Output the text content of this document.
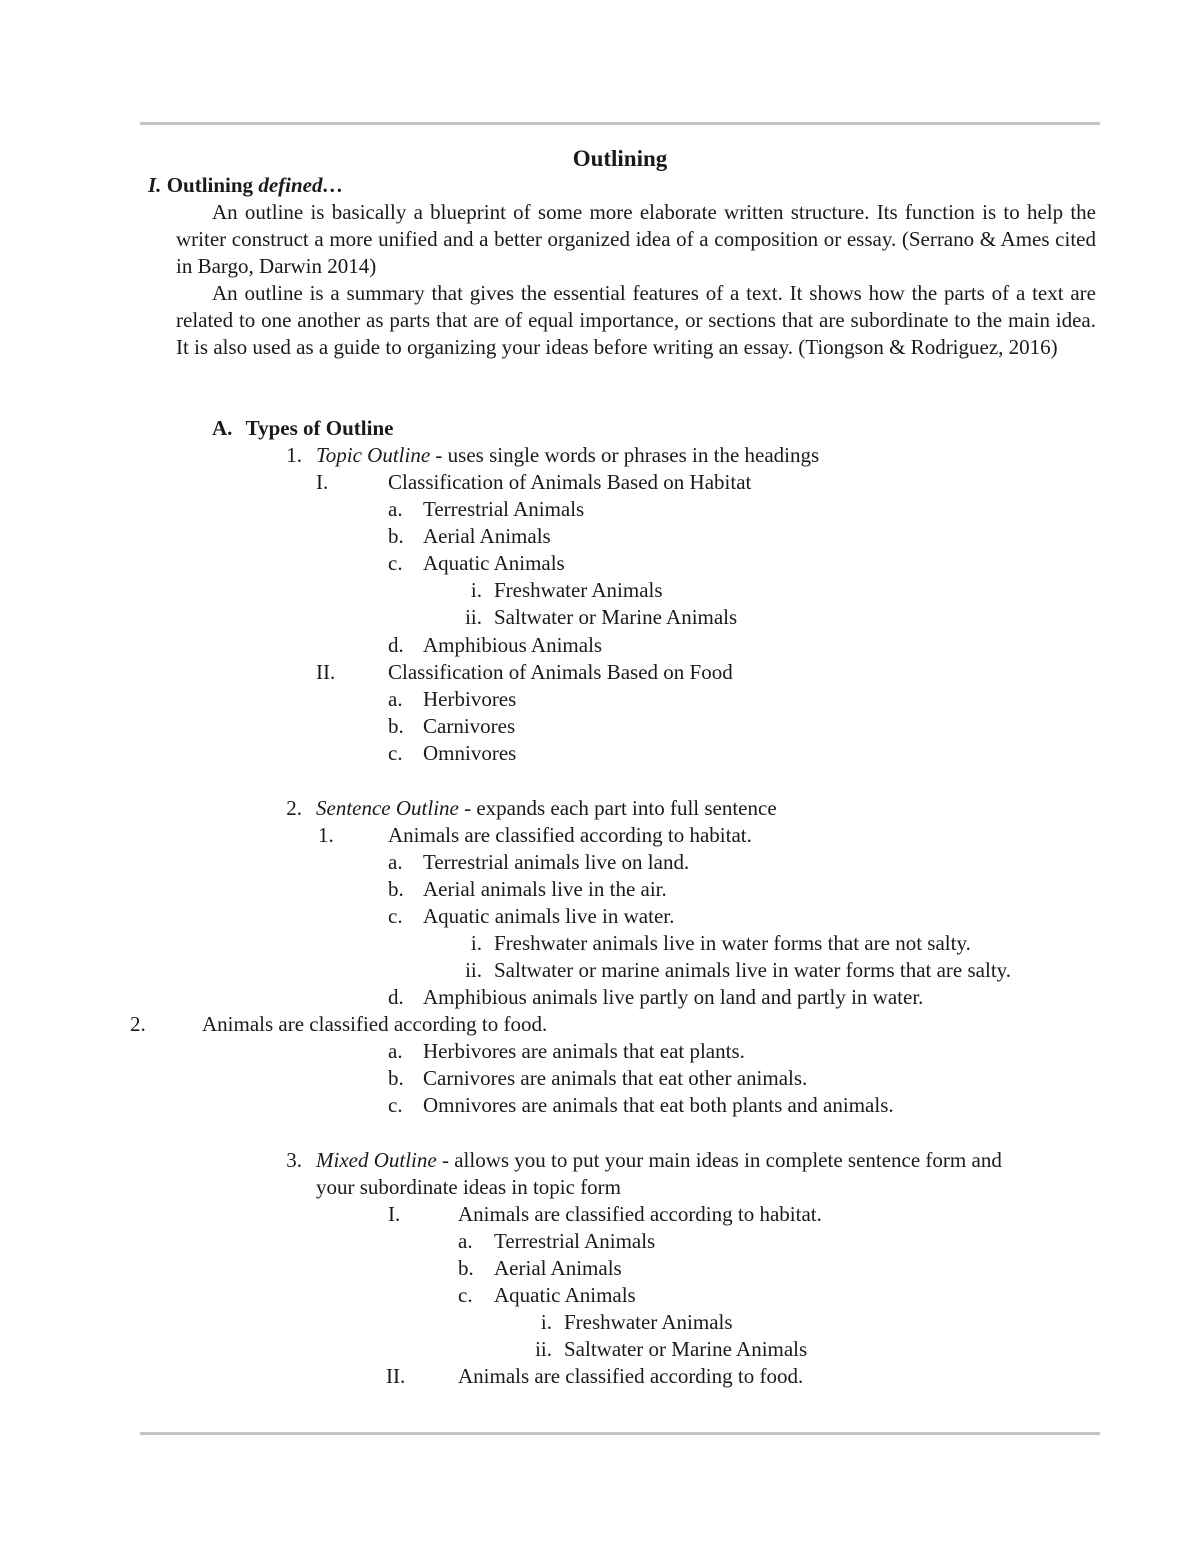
Outlining
I. Outlining defined…
An outline is basically a blueprint of some more elaborate written structure. Its function is to help the writer construct a more unified and a better organized idea of a composition or essay. (Serrano & Ames cited in Bargo, Darwin 2014)
An outline is a summary that gives the essential features of a text. It shows how the parts of a text are related to one another as parts that are of equal importance, or sections that are subordinate to the main idea. It is also used as a guide to organizing your ideas before writing an essay. (Tiongson & Rodriguez, 2016)
A. Types of Outline
1. Topic Outline - uses single words or phrases in the headings
I.	Classification of Animals Based on Habitat
a. Terrestrial Animals
b. Aerial Animals
c. Aquatic Animals
i. Freshwater Animals
ii. Saltwater or Marine Animals
d. Amphibious Animals
II.	Classification of Animals Based on Food
a. Herbivores
b. Carnivores
c. Omnivores
2. Sentence Outline - expands each part into full sentence
1.	Animals are classified according to habitat.
a. Terrestrial animals live on land.
b. Aerial animals live in the air.
c. Aquatic animals live in water.
i. Freshwater animals live in water forms that are not salty.
ii. Saltwater or marine animals live in water forms that are salty.
d. Amphibious animals live partly on land and partly in water.
2.	Animals are classified according to food.
a. Herbivores are animals that eat plants.
b. Carnivores are animals that eat other animals.
c. Omnivores are animals that eat both plants and animals.
3. Mixed Outline - allows you to put your main ideas in complete sentence form and
your subordinate ideas in topic form
I.	Animals are classified according to habitat.
a. Terrestrial Animals
b. Aerial Animals
c. Aquatic Animals
i. Freshwater Animals
ii. Saltwater or Marine Animals
II.	Animals are classified according to food.
